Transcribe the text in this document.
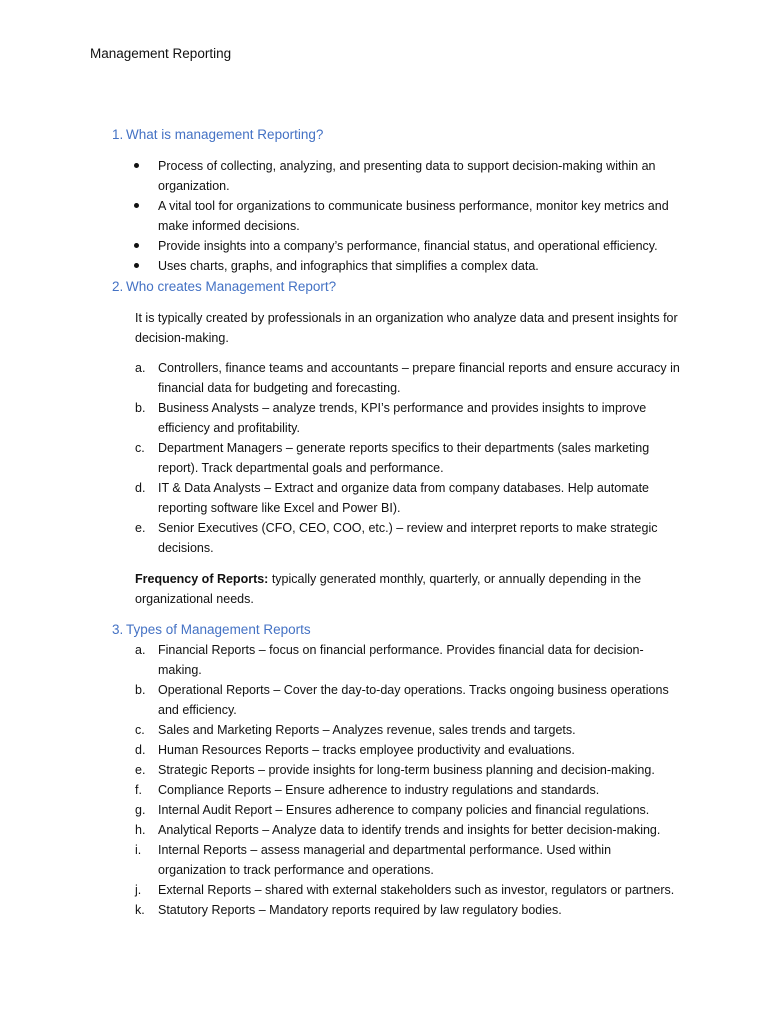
Management Reporting
1. What is management Reporting?
Process of collecting, analyzing, and presenting data to support decision-making within an organization.
A vital tool for organizations to communicate business performance, monitor key metrics and make informed decisions.
Provide insights into a company’s performance, financial status, and operational efficiency.
Uses charts, graphs, and infographics that simplifies a complex data.
2. Who creates Management Report?
It is typically created by professionals in an organization who analyze data and present insights for decision-making.
a. Controllers, finance teams and accountants – prepare financial reports and ensure accuracy in financial data for budgeting and forecasting.
b. Business Analysts – analyze trends, KPI’s performance and provides insights to improve efficiency and profitability.
c. Department Managers – generate reports specifics to their departments (sales marketing report). Track departmental goals and performance.
d. IT & Data Analysts – Extract and organize data from company databases. Help automate reporting software like Excel and Power BI).
e. Senior Executives (CFO, CEO, COO, etc.) – review and interpret reports to make strategic decisions.
Frequency of Reports: typically generated monthly, quarterly, or annually depending in the organizational needs.
3. Types of Management Reports
a. Financial Reports – focus on financial performance. Provides financial data for decision-making.
b. Operational Reports – Cover the day-to-day operations. Tracks ongoing business operations and efficiency.
c. Sales and Marketing Reports – Analyzes revenue, sales trends and targets.
d. Human Resources Reports – tracks employee productivity and evaluations.
e. Strategic Reports – provide insights for long-term business planning and decision-making.
f. Compliance Reports – Ensure adherence to industry regulations and standards.
g. Internal Audit Report – Ensures adherence to company policies and financial regulations.
h. Analytical Reports – Analyze data to identify trends and insights for better decision-making.
i. Internal Reports – assess managerial and departmental performance. Used within organization to track performance and operations.
j. External Reports – shared with external stakeholders such as investor, regulators or partners.
k. Statutory Reports – Mandatory reports required by law regulatory bodies.
